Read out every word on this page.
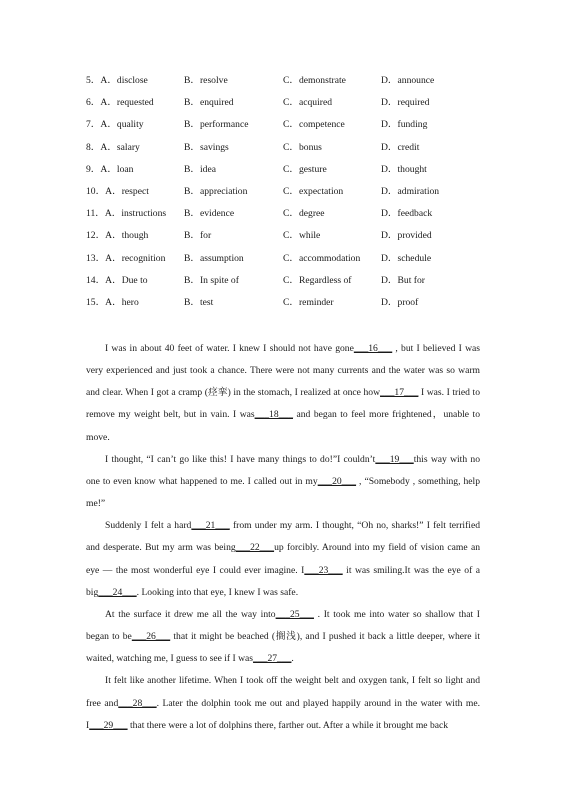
5．A．disclose	B．resolve	C．demonstrate	D．announce
6．A．requested	B．enquired	C．acquired	D．required
7．A．quality	B．performance	C．competence	D．funding
8．A．salary	B．savings	C．bonus	D．credit
9．A．loan	B．idea	C．gesture	D．thought
10．A．respect	B．appreciation	C．expectation	D．admiration
11．A．instructions B．evidence	C．degree	D．feedback
12．A．though	B．for	C．while	D．provided
13．A．recognition B．assumption	C．accommodation D．schedule
14．A．Due to	B．In spite of	C．Regardless of	D．But for
15．A．hero	B．test	C．reminder	D．proof

I was in about 40 feet of water. I knew I should not have gone___16___ , but I believed I was very experienced and just took a chance. There were not many currents and the water was so warm and clear. When I got a cramp (痉挛) in the stomach, I realized at once how___17___ I was. I tried to remove my weight belt, but in vain. I was___18___ and began to feel more frightened，unable to move.

I thought, “I can’t go like this! I have many things to do!”I couldn’t___19___this way with no one to even know what happened to me. I called out in my___20___ , “Somebody , something, help me!”

Suddenly I felt a hard___21___ from under my arm. I thought, “Oh no, sharks!” I felt terrified and desperate. But my arm was being___22___up forcibly. Around into my field of vision came an eye — the most wonderful eye I could ever imagine. I___23___ it was smiling.It was the eye of a big___24___. Looking into that eye, I knew I was safe.

At the surface it drew me all the way into___25___ . It took me into water so shallow that I began to be___26___ that it might be beached (搁浅), and I pushed it back a little deeper, where it waited, watching me, I guess to see if I was___27___.

It felt like another lifetime. When I took off the weight belt and oxygen tank, I felt so light and free and___28___. Later the dolphin took me out and played happily around in the water with me. I___29___ that there were a lot of dolphins there, farther out. After a while it brought me back
